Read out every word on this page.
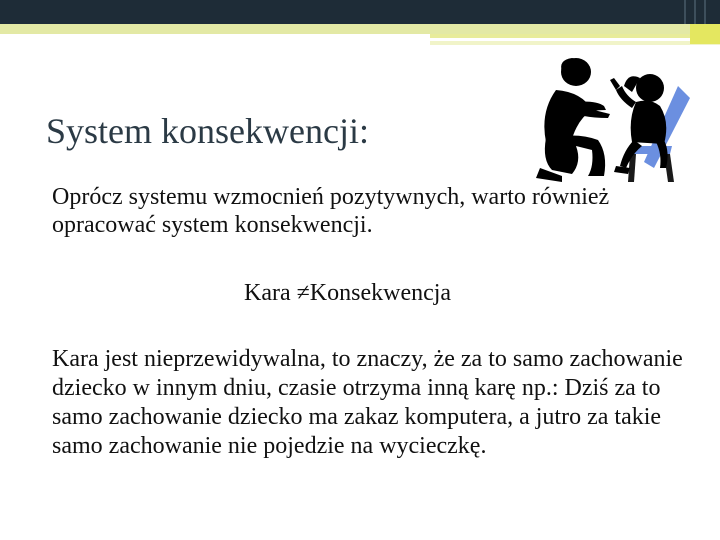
System konsekwencji:

Oprócz systemu wzmocnień pozytywnych, warto również opracować system konsekwencji.

Kara ≠Konsekwencja

Kara jest nieprzewidywalna, to znaczy, że za to samo zachowanie dziecko w innym dniu, czasie otrzyma inną karę np.: Dziś za to samo zachowanie dziecko ma zakaz komputera, a jutro za takie samo zachowanie nie pojedzie na wycieczkę.
